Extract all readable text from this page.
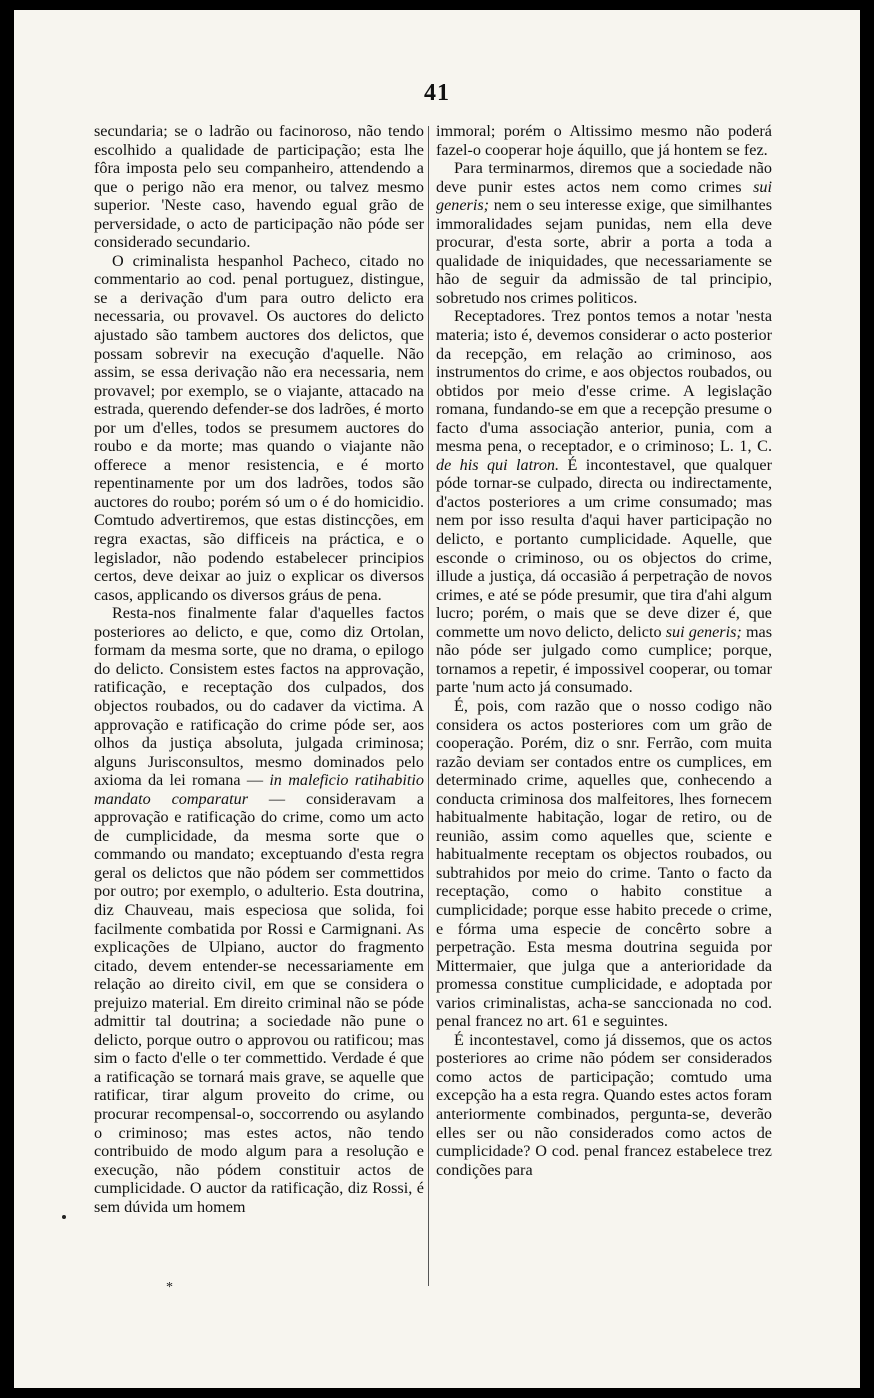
41

secundaria; se o ladrão ou facinoroso, não tendo escolhido a qualidade de participação; esta lhe fôra imposta pelo seu companheiro, attendendo a que o perigo não era menor, ou talvez mesmo superior. 'Neste caso, havendo egual grão de perversidade, o acto de participação não póde ser considerado secundario.

O criminalista hespanhol Pacheco, citado no commentario ao cod. penal portuguez, distingue, se a derivação d'um para outro delicto era necessaria, ou provavel. Os auctores do delicto ajustado são tambem auctores dos delictos, que possam sobrevir na execução d'aquelle. Não assim, se essa derivação não era necessaria, nem provavel; por exemplo, se o viajante, attacado na estrada, querendo defender-se dos ladrões, é morto por um d'elles, todos se presumem auctores do roubo e da morte; mas quando o viajante não offerece a menor resistencia, e é morto repentinamente por um dos ladrões, todos são auctores do roubo; porém só um o é do homicidio. Comtudo advertiremos, que estas distincções, em regra exactas, são difficeis na práctica, e o legislador, não podendo estabelecer principios certos, deve deixar ao juiz o explicar os diversos casos, applicando os diversos gráus de pena.

Resta-nos finalmente falar d'aquelles factos posteriores ao delicto, e que, como diz Ortolan, formam da mesma sorte, que no drama, o epilogo do delicto. Consistem estes factos na approvação, ratificação, e receptação dos culpados, dos objectos roubados, ou do cadaver da victima. A approvação e ratificação do crime póde ser, aos olhos da justiça absoluta, julgada criminosa; alguns Jurisconsultos, mesmo dominados pelo axioma da lei romana — in maleficio ratihabitio mandato comparatur — consideravam a approvação e ratificação do crime, como um acto de cumplicidade, da mesma sorte que o commando ou mandato; exceptuando d'esta regra geral os delictos que não pódem ser commettidos por outro; por exemplo, o adulterio. Esta doutrina, diz Chauveau, mais especiosa que solida, foi facilmente combatida por Rossi e Carmignani. As explicações de Ulpiano, auctor do fragmento citado, devem entender-se necessariamente em relação ao direito civil, em que se considera o prejuizo material. Em direito criminal não se póde admittir tal doutrina; a sociedade não pune o delicto, porque outro o approvou ou ratificou; mas sim o facto d'elle o ter commettido. Verdade é que a ratificação se tornará mais grave, se aquelle que ratificar, tirar algum proveito do crime, ou procurar recompensal-o, soccorrendo ou asylando o criminoso; mas estes actos, não tendo contribuido de modo algum para a resolução e execução, não pódem constituir actos de cumplicidade. O auctor da ratificação, diz Rossi, é sem dúvida um homem

immoral; porém o Altissimo mesmo não poderá fazel-o cooperar hoje áquillo, que já hontem se fez.

Para terminarmos, diremos que a sociedade não deve punir estes actos nem como crimes sui generis; nem o seu interesse exige, que similhantes immoralidades sejam punidas, nem ella deve procurar, d'esta sorte, abrir a porta a toda a qualidade de iniquidades, que necessariamente se hão de seguir da admissão de tal principio, sobretudo nos crimes politicos.

Receptadores. Trez pontos temos a notar 'nesta materia; isto é, devemos considerar o acto posterior da recepção, em relação ao criminoso, aos instrumentos do crime, e aos objectos roubados, ou obtidos por meio d'esse crime. A legislação romana, fundando-se em que a recepção presume o facto d'uma associação anterior, punia, com a mesma pena, o receptador, e o criminoso; L. 1, C. de his qui latron. É incontestavel, que qualquer póde tornar-se culpado, directa ou indirectamente, d'actos posteriores a um crime consumado; mas nem por isso resulta d'aqui haver participação no delicto, e portanto cumplicidade. Aquelle, que esconde o criminoso, ou os objectos do crime, illude a justiça, dá occasião á perpetração de novos crimes, e até se póde presumir, que tira d'ahi algum lucro; porém, o mais que se deve dizer é, que commette um novo delicto, delicto sui generis; mas não póde ser julgado como cumplice; porque, tornamos a repetir, é impossivel cooperar, ou tomar parte 'num acto já consumado.

É, pois, com razão que o nosso codigo não considera os actos posteriores com um grão de cooperação. Porém, diz o snr. Ferrão, com muita razão deviam ser contados entre os cumplices, em determinado crime, aquelles que, conhecendo a conducta criminosa dos malfeitores, lhes fornecem habitualmente habitação, logar de retiro, ou de reunião, assim como aquelles que, sciente e habitualmente receptam os objectos roubados, ou subtrahidos por meio do crime. Tanto o facto da receptação, como o habito constitue a cumplicidade; porque esse habito precede o crime, e fórma uma especie de concêrto sobre a perpetração. Esta mesma doutrina seguida por Mittermaier, que julga que a anterioridade da promessa constitue cumplicidade, e adoptada por varios criminalistas, acha-se sanccionada no cod. penal francez no art. 61 e seguintes.

É incontestavel, como já dissemos, que os actos posteriores ao crime não pódem ser considerados como actos de participação; comtudo uma excepção ha a esta regra. Quando estes actos foram anteriormente combinados, pergunta-se, deverão elles ser ou não considerados como actos de cumplicidade? O cod. penal francez estabelece trez condições para

*
